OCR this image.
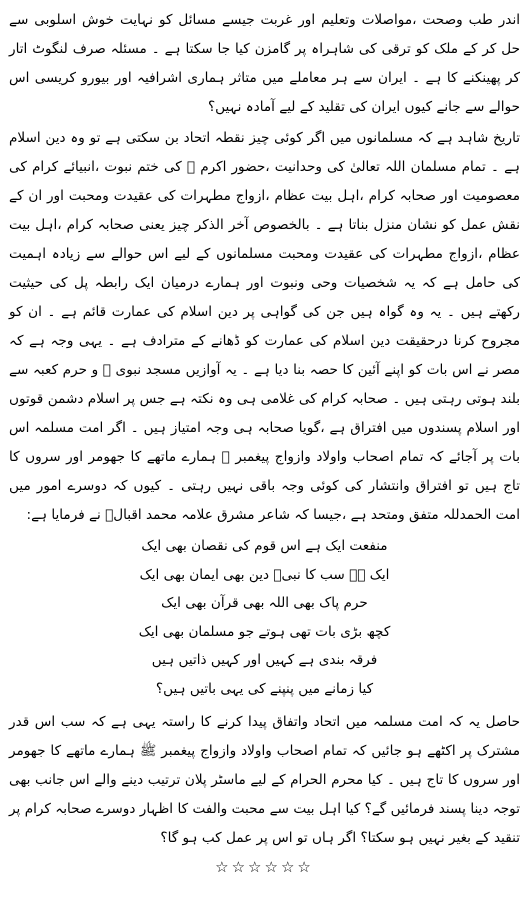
اندر طب وصحت ،مواصلات وتعلیم اور غربت جیسے مسائل کو نہایت خوش اسلوبی سے حل کر کے ملک کو ترقی کی شاہراہ پر گامزن کیا جا سکتا ہے ۔ مسئلہ صرف لنگوٹ اتار کر پھینکنے کا ہے ۔ ایران سے ہر معاملے میں متاثر ہماری اشرافیہ اور بیورو کریسی اس حوالے سے جانے کیوں ایران کی تقلید کے لیے آمادہ نہیں؟

تاریخ شاہد ہے کہ مسلمانوں میں اگر کوئی چیز نقطہ اتحاد بن سکتی ہے تو وہ دین اسلام ہے ۔ تمام مسلمان اللہ تعالیٰ کی وحدانیت ،حضور اکرم ﷺ کی ختم نبوت ،انبیائے کرام کی معصومیت اور صحابہ کرام ،اہل بیت عظام ،ازواج مطہرات کی عقیدت ومحبت اور ان کے نقش عمل کو نشان منزل بناتا ہے ۔ بالخصوص آخر الذکر چیز یعنی صحابہ کرام ،اہل بیت عظام ،ازواج مطہرات کی عقیدت ومحبت مسلمانوں کے لیے اس حوالے سے زیادہ اہمیت کی حامل ہے کہ یہ شخصیات وحی ونبوت اور ہمارے درمیان ایک رابطہ پل کی حیثیت رکھتے ہیں ۔ یہ وہ گواہ ہیں جن کی گواہی پر دین اسلام کی عمارت قائم ہے ۔ ان کو مجروح کرنا درحقیقت دین اسلام کی عمارت کو ڈھانے کے مترادف ہے ۔ یہی وجہ ہے کہ مصر نے اس بات کو اپنے آئین کا حصہ بنا دیا ہے ۔ یہ آوازیں مسجد نبوی ﷺ و حرم کعبہ سے بلند ہوتی رہتی ہیں ۔ صحابہ کرام کی غلامی ہی وہ نکتہ ہے جس پر اسلام دشمن قوتوں اور اسلام پسندوں میں افتراق ہے ،گویا صحابہ ہی وجہ امتیاز ہیں ۔ اگر امت مسلمہ اس بات پر آجائے کہ تمام اصحاب واولاد وازواج پیغمبر ﷺ ہمارے ماتھے کا جھومر اور سروں کا تاج ہیں تو افتراق وانتشار کی کوئی وجہ باقی نہیں رہتی ۔ کیوں کہ دوسرے امور میں امت الحمدللہ متفق ومتحد ہے ،جیسا کہ شاعر مشرق علامہ محمد اقبالؒ نے فرمایا ہے:

منفعت ایک ہے اس قوم کی نقصان بھی ایک

ایک ہے سب کا نبیؐ دین بھی ایمان بھی ایک

حرم پاک بھی اللہ بھی قرآن بھی ایک

کچھ بڑی بات تھی ہوتے جو مسلمان بھی ایک

فرقہ بندی ہے کہیں اور کہیں ذاتیں ہیں

کیا زمانے میں پنپنے کی یہی باتیں ہیں؟

حاصل یہ کہ امت مسلمہ میں اتحاد واتفاق پیدا کرنے کا راستہ یہی ہے کہ سب اس قدر مشترک پر اکٹھے ہو جائیں کہ تمام اصحاب واولاد وازواج پیغمبر ﷺ ہمارے ماتھے کا جھومر اور سروں کا تاج ہیں ۔ کیا محرم الحرام کے لیے ماسٹر پلان ترتیب دینے والے اس جانب بھی توجہ دینا پسند فرمائیں گے؟ کیا اہل بیت سے محبت والفت کا اظہار دوسرے صحابہ کرام پر تنقید کے بغیر نہیں ہو سکتا؟ اگر ہاں تو اس پر عمل کب ہو گا؟

☆☆☆☆☆☆
